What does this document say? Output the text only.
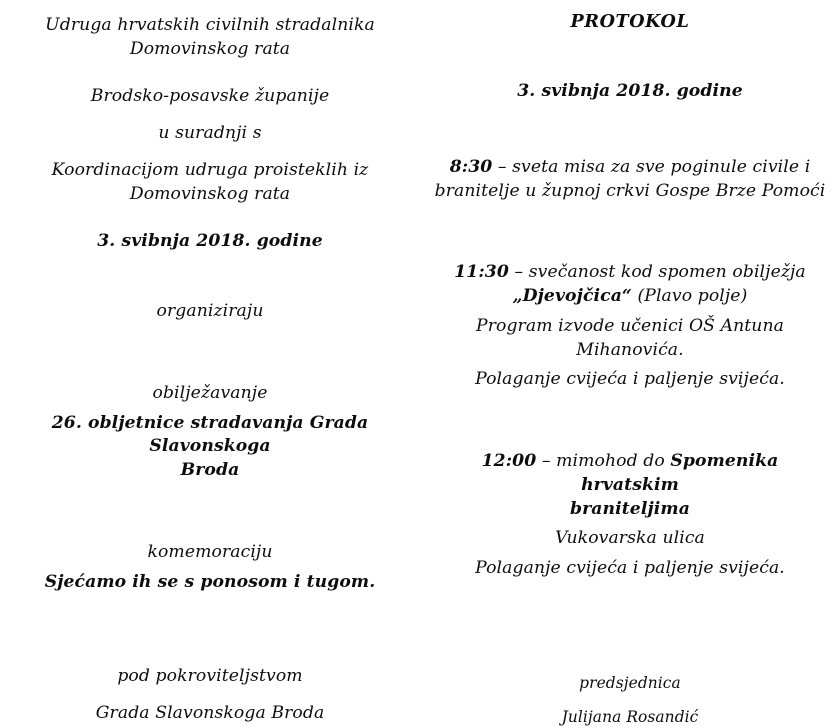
Udruga hrvatskih civilnih stradalnika
Domovinskog rata
Brodsko-posavske županije
u suradnji s
Koordinacijom udruga proisteklih iz
Domovinskog rata
3. svibnja 2018. godine
organiziraju
obilježavanje
26. obljetnice stradavanja Grada Slavonskoga
Broda
komemoraciju
Sjećamo ih se s ponosom i tugom.
pod pokroviteljstvom
Grada Slavonskoga Broda
PROTOKOL
3. svibnja 2018. godine
8:30 – sveta misa za sve poginule civile i
branitelje u župnoj crkvi Gospe Brze Pomoći
11:30 – svečanost kod spomen obilježja
„Djevojčica“ (Plavo polje)
Program izvode učenici OŠ Antuna
Mihanovića.
Polaganje cvijeća i paljenje svijeća.
12:00 – mimohod do Spomenika hrvatskim
braniteljima
Vukovarska ulica
Polaganje cvijeća i paljenje svijeća.
predsjednica
Julijana Rosandić
